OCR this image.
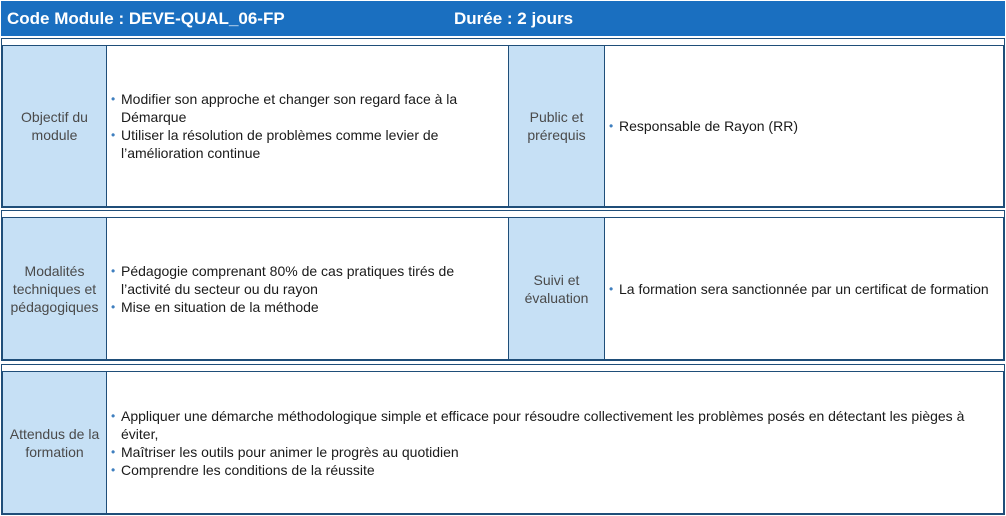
Code Module : DEVE-QUAL_06-FP	Durée : 2 jours
Objectif du module
• Modifier son approche et changer son regard face à la Démarque
• Utiliser la résolution de problèmes comme levier de l’amélioration continue
Public et prérequis
• Responsable de Rayon (RR)
Modalités techniques et pédagogiques
• Pédagogie comprenant 80% de cas pratiques tirés de l’activité du secteur ou du rayon
• Mise en situation de la méthode
Suivi et évaluation
• La formation sera sanctionnée par un certificat de formation
Attendus de la formation
• Appliquer une démarche méthodologique simple et efficace pour résoudre collectivement les problèmes posés en détectant les pièges à éviter,
• Maîtriser les outils pour animer le progrès au quotidien
• Comprendre les conditions de la réussite
